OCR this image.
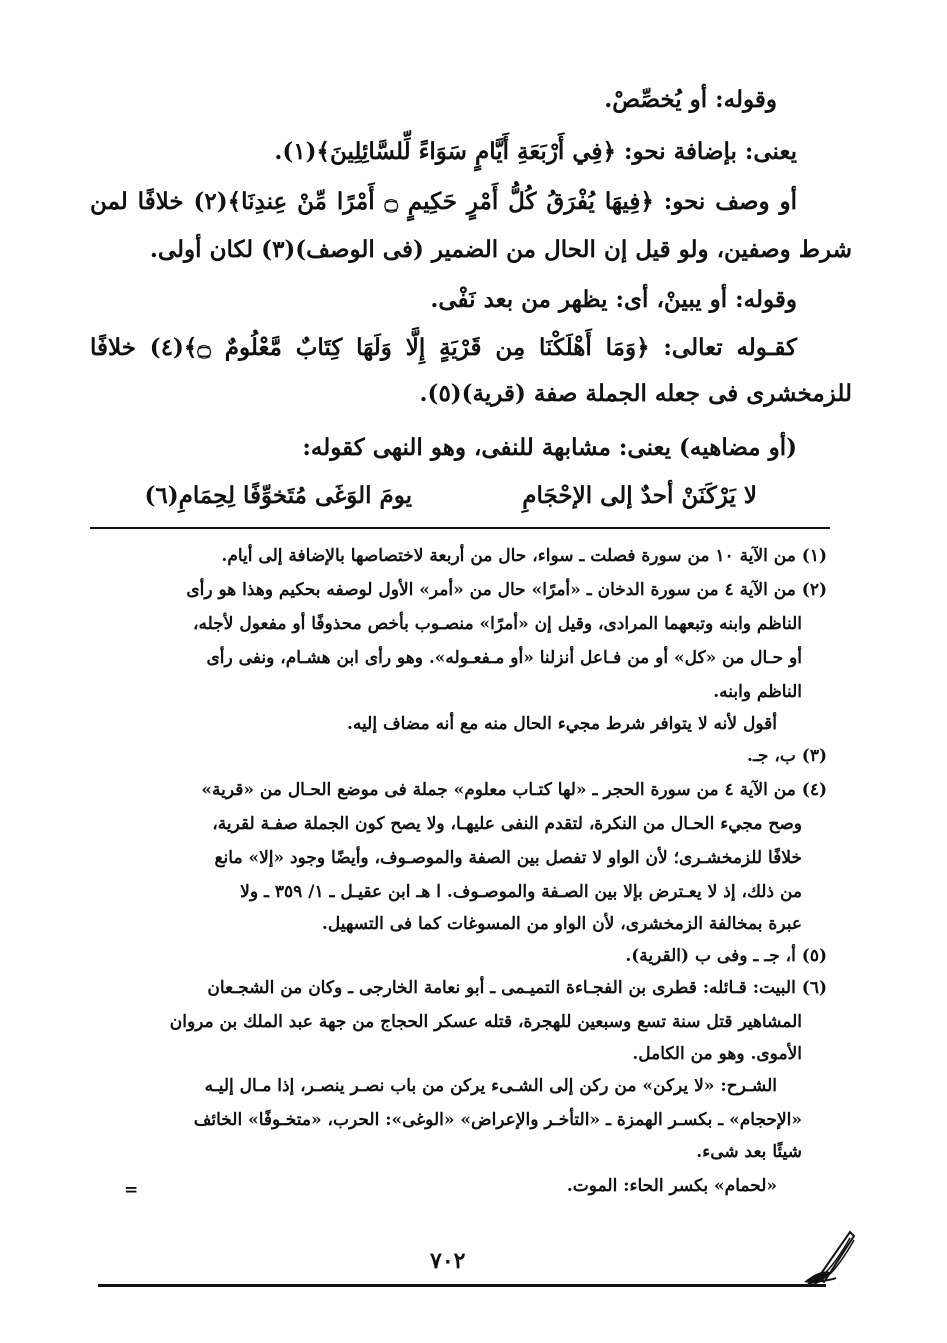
وقوله: أو يُخصِّصْ.
يعنى: بإضافة نحو: ﴿فِي أَرْبَعَةِ أَيَّامٍ سَوَاءً لِّلسَّائِلِينَ﴾(١).
أو وصف نحو: ﴿فِيهَا يُفْرَقُ كُلُّ أَمْرٍ حَكِيمٍ ۝ أَمْرًا مِّنْ عِندِنَا﴾(٢) خلافًا لمن
شرط وصفين، ولو قيل إن الحال من الضمير (فى الوصف)(٣) لكان أولى.
وقوله: أو يبينْ، أى: يظهر من بعد نَفْى.
كقـوله تعالى: ﴿وَمَا أَهْلَكْنَا مِن قَرْيَةٍ إِلَّا وَلَهَا كِتَابٌ مَّعْلُومٌ ۝﴾(٤) خلافًا
للزمخشرى فى جعله الجملة صفة (قرية)(٥).
(أو مضاهيه) يعنى: مشابهة للنفى، وهو النهى كقوله:
لا يَرْكَنَنْ أحدٌ إلى الإحْجَامِ
يومَ الوَغَى مُتَخوِّفًا لِحِمَامِ(٦)
(١) من الآية ١٠ من سورة فصلت ـ سواء، حال من أربعة لاختصاصها بالإضافة إلى أيام.
(٢) من الآية ٤ من سورة الدخان ـ «أمرًا» حال من «أمر» الأول لوصفه بحكيم وهذا هو رأى
الناظم وابنه وتبعهما المرادى، وقيل إن «أمرًا» منصـوب بأخص محذوفًا أو مفعول لأجله،
أو حـال من «كل» أو من فـاعل أنزلنا «أو مـفعـوله». وهو رأى ابن هشـام، ونفى رأى
الناظم وابنه.
أقول لأنه لا يتوافر شرط مجيء الحال منه مع أنه مضاف إليه.
(٣) ب، جـ.
(٤) من الآية ٤ من سورة الحجر ـ «لها كتـاب معلوم» جملة فى موضع الحـال من «قرية»
وصح مجيء الحـال من النكرة، لتقدم النفى عليهـا، ولا يصح كون الجملة صفـة لقرية،
خلافًا للزمخشـرى؛ لأن الواو لا تفصل بين الصفة والموصـوف، وأيضًا وجود «إلا» مانع
من ذلك، إذ لا يعـترض بإلا بين الصـفة والموصـوف. ا هـ ابن عقيـل ـ ١/ ٣٥٩ ـ ولا
عبرة بمخالفة الزمخشرى، لأن الواو من المسوغات كما فى التسهيل.
(٥) أ، جـ ـ وفى ب (القرية).
(٦) البيت: قـائله: قطرى بن الفجـاءة التميـمى ـ أبو نعامة الخارجى ـ وكان من الشجـعان
المشاهير قتل سنة تسع وسبعين للهجرة، قتله عسكر الحجاج من جهة عبد الملك بن مروان
الأموى. وهو من الكامل.
الشـرح: «لا يركن» من ركن إلى الشـىء يركن من باب نصـر ينصـر، إذا مـال إليـه
«الإحجام» ـ بكسـر الهمزة ـ «التأخـر والإعراض» «الوغى»: الحرب، «متخـوفًا» الخائف
شيئًا بعد شىء.
«لحمام» بكسر الحاء: الموت.
=
٧٠٢
